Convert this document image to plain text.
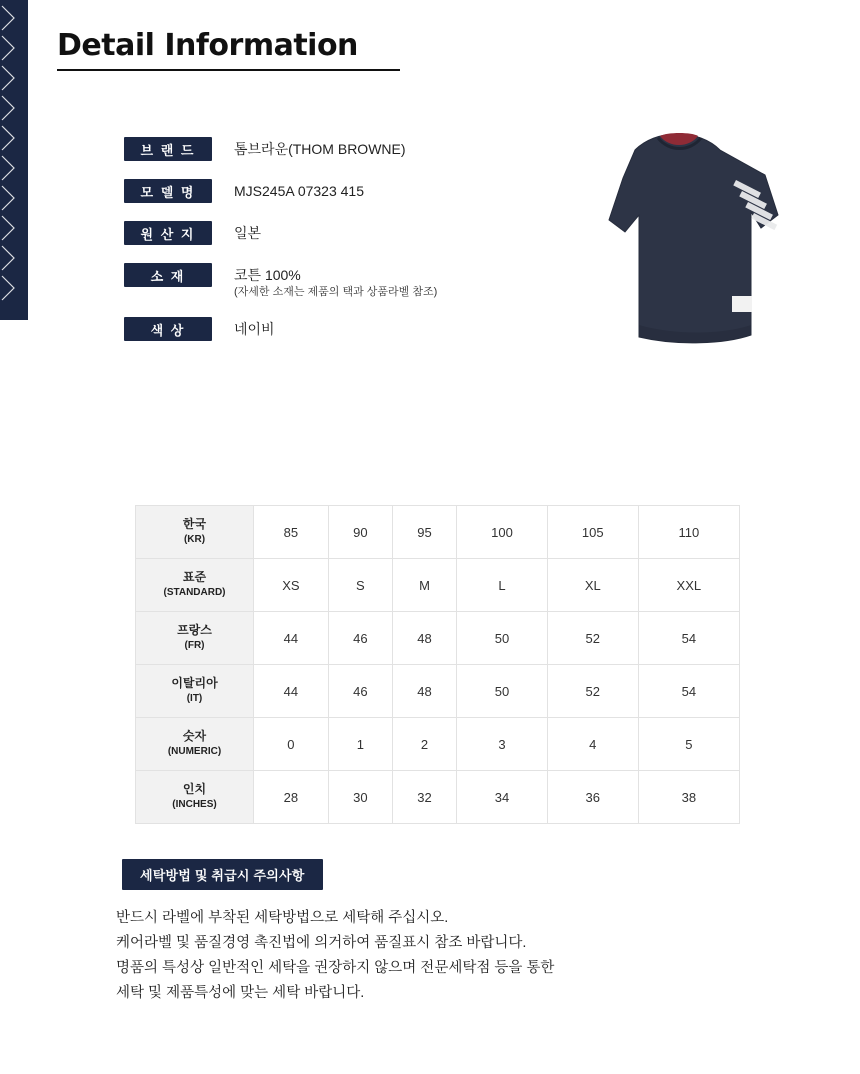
Detail Information
브 랜 드	톰브라운(THOM BROWNE)
모 델 명	MJS245A 07323 415
원 산 지	일본
소 재	코튼 100%
(자세한 소재는 제품의 택과 상품라벨 참조)
색 상	네이비
한국
(KR)	85	90	95	100	105	110
표준
(STANDARD)	XS	S	M	L	XL	XXL
프랑스
(FR)	44	46	48	50	52	54
이탈리아
(IT)	44	46	48	50	52	54
숫자
(NUMERIC)	0	1	2	3	4	5
인치
(INCHES)	28	30	32	34	36	38
세탁방법 및 취급시 주의사항
반드시 라벨에 부착된 세탁방법으로 세탁해 주십시오.
케어라벨 및 품질경영 촉진법에 의거하여 품질표시 참조 바랍니다.
명품의 특성상 일반적인 세탁을 권장하지 않으며 전문세탁점 등을 통한
세탁 및 제품특성에 맞는 세탁 바랍니다.
